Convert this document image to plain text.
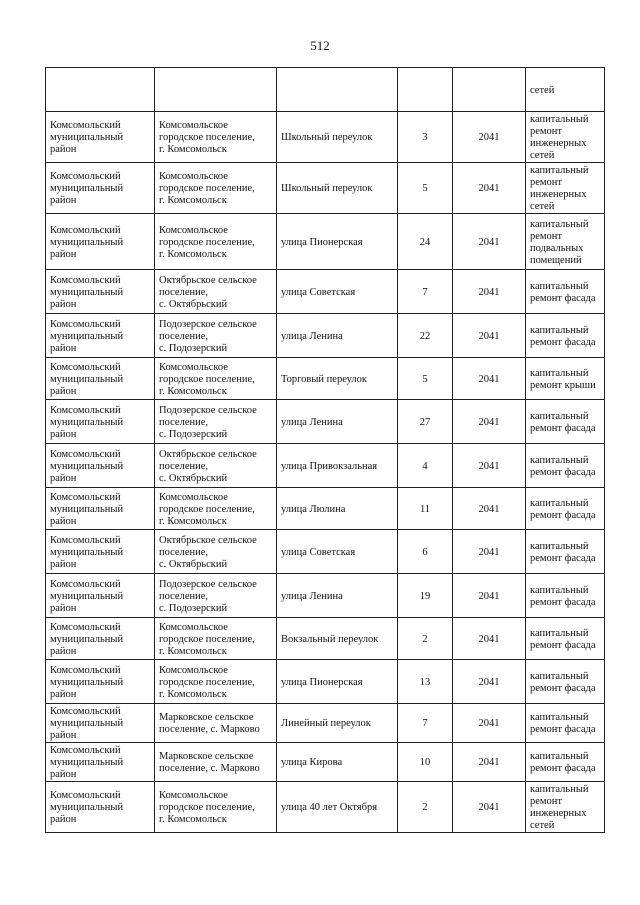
512
					сетей
Комсомольский
муниципальный
район	Комсомольское
городское поселение,
г. Комсомольск	Школьный переулок	3	2041	капитальный
ремонт
инженерных
сетей
Комсомольский
муниципальный
район	Комсомольское
городское поселение,
г. Комсомольск	Школьный переулок	5	2041	капитальный
ремонт
инженерных
сетей
Комсомольский
муниципальный
район	Комсомольское
городское поселение,
г. Комсомольск	улица Пионерская	24	2041	капитальный
ремонт
подвальных
помещений
Комсомольский
муниципальный
район	Октябрьское сельское
поселение,
с. Октябрьский	улица Советская	7	2041	капитальный
ремонт фасада
Комсомольский
муниципальный
район	Подозерское сельское
поселение,
с. Подозерский	улица Ленина	22	2041	капитальный
ремонт фасада
Комсомольский
муниципальный
район	Комсомольское
городское поселение,
г. Комсомольск	Торговый переулок	5	2041	капитальный
ремонт крыши
Комсомольский
муниципальный
район	Подозерское сельское
поселение,
с. Подозерский	улица Ленина	27	2041	капитальный
ремонт фасада
Комсомольский
муниципальный
район	Октябрьское сельское
поселение,
с. Октябрьский	улица Привокзальная	4	2041	капитальный
ремонт фасада
Комсомольский
муниципальный
район	Комсомольское
городское поселение,
г. Комсомольск	улица Люлина	11	2041	капитальный
ремонт фасада
Комсомольский
муниципальный
район	Октябрьское сельское
поселение,
с. Октябрьский	улица Советская	6	2041	капитальный
ремонт фасада
Комсомольский
муниципальный
район	Подозерское сельское
поселение,
с. Подозерский	улица Ленина	19	2041	капитальный
ремонт фасада
Комсомольский
муниципальный
район	Комсомольское
городское поселение,
г. Комсомольск	Вокзальный переулок	2	2041	капитальный
ремонт фасада
Комсомольский
муниципальный
район	Комсомольское
городское поселение,
г. Комсомольск	улица Пионерская	13	2041	капитальный
ремонт фасада
Комсомольский
муниципальный
район	Марковское сельское
поселение, с. Марково	Линейный переулок	7	2041	капитальный
ремонт фасада
Комсомольский
муниципальный
район	Марковское сельское
поселение, с. Марково	улица Кирова	10	2041	капитальный
ремонт фасада
Комсомольский
муниципальный
район	Комсомольское
городское поселение,
г. Комсомольск	улица 40 лет Октября	2	2041	капитальный
ремонт
инженерных
сетей
